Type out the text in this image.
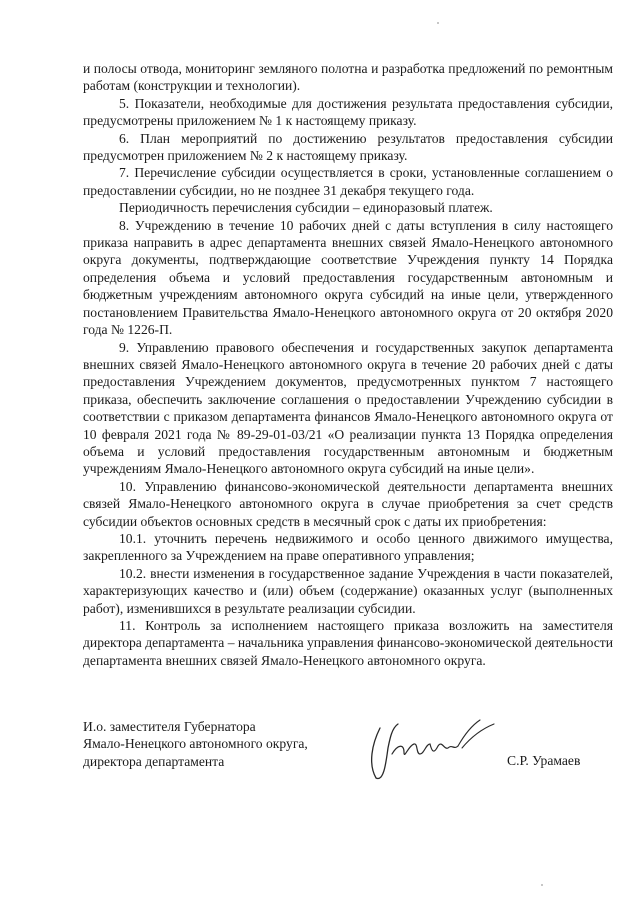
и полосы отвода, мониторинг земляного полотна и разработка предложений по ремонтным работам (конструкции и технологии).

5. Показатели, необходимые для достижения результата предоставления субсидии, предусмотрены приложением № 1 к настоящему приказу.

6. План мероприятий по достижению результатов предоставления субсидии предусмотрен приложением № 2 к настоящему приказу.

7. Перечисление субсидии осуществляется в сроки, установленные соглашением о предоставлении субсидии, но не позднее 31 декабря текущего года.

Периодичность перечисления субсидии – единоразовый платеж.

8. Учреждению в течение 10 рабочих дней с даты вступления в силу настоящего приказа направить в адрес департамента внешних связей Ямало-Ненецкого автономного округа документы, подтверждающие соответствие Учреждения пункту 14 Порядка определения объема и условий предоставления государственным автономным и бюджетным учреждениям автономного округа субсидий на иные цели, утвержденного постановлением Правительства Ямало-Ненецкого автономного округа от 20 октября 2020 года № 1226-П.

9. Управлению правового обеспечения и государственных закупок департамента внешних связей Ямало-Ненецкого автономного округа в течение 20 рабочих дней с даты предоставления Учреждением документов, предусмотренных пунктом 7 настоящего приказа, обеспечить заключение соглашения о предоставлении Учреждению субсидии в соответствии с приказом департамента финансов Ямало-Ненецкого автономного округа от 10 февраля 2021 года № 89-29-01-03/21 «О реализации пункта 13 Порядка определения объема и условий предоставления государственным автономным и бюджетным учреждениям Ямало-Ненецкого автономного округа субсидий на иные цели».

10. Управлению финансово-экономической деятельности департамента внешних связей Ямало-Ненецкого автономного округа в случае приобретения за счет средств субсидии объектов основных средств в месячный срок с даты их приобретения:

10.1. уточнить перечень недвижимого и особо ценного движимого имущества, закрепленного за Учреждением на праве оперативного управления;

10.2. внести изменения в государственное задание Учреждения в части показателей, характеризующих качество и (или) объем (содержание) оказанных услуг (выполненных работ), изменившихся в результате реализации субсидии.

11. Контроль за исполнением настоящего приказа возложить на заместителя директора департамента – начальника управления финансово-экономической деятельности департамента внешних связей Ямало-Ненецкого автономного округа.

И.о. заместителя Губернатора
Ямало-Ненецкого автономного округа,
директора департамента	С.Р. Урамаев
